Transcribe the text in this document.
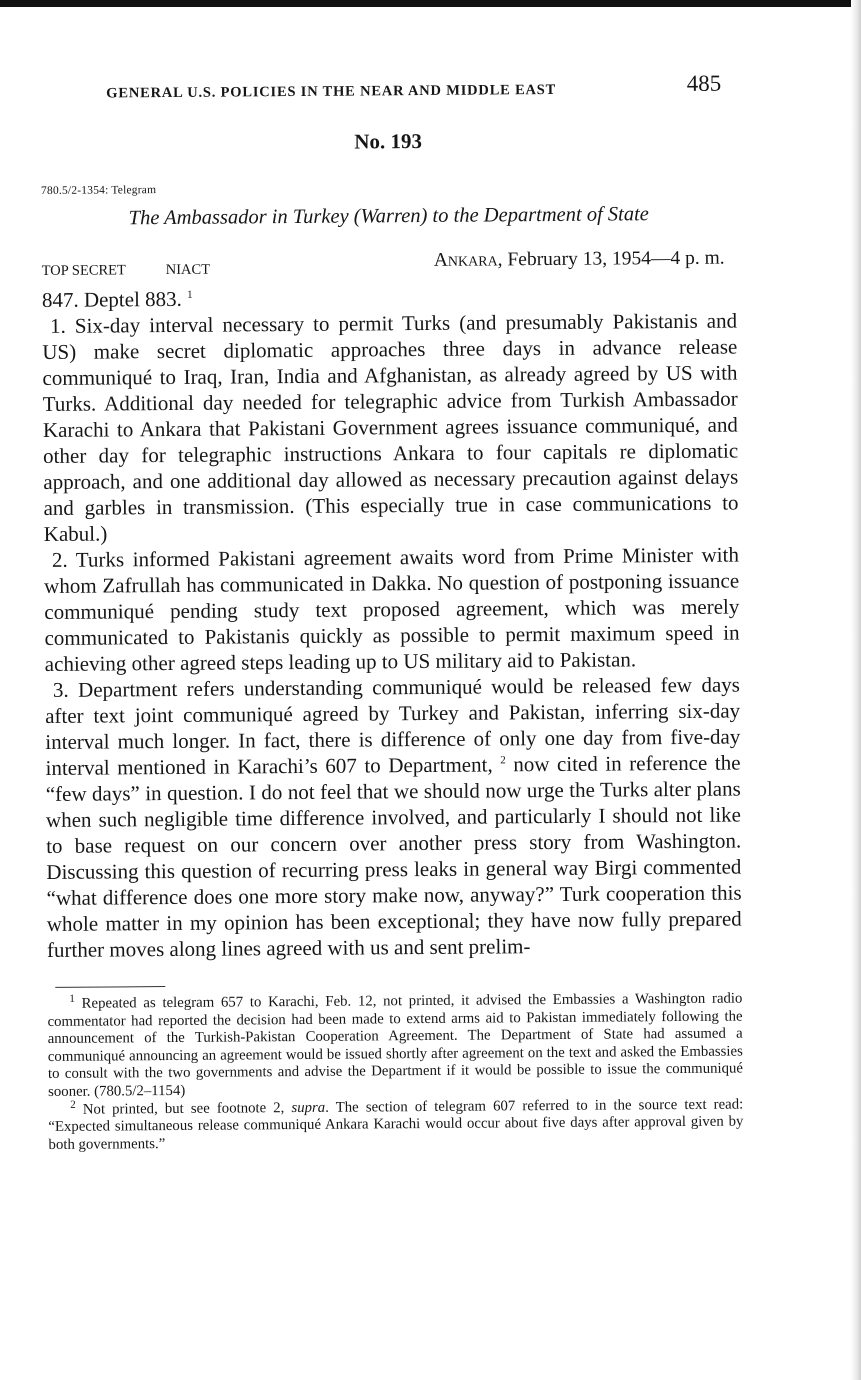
GENERAL U.S. POLICIES IN THE NEAR AND MIDDLE EAST	485
No. 193
780.5/2-1354: Telegram
The Ambassador in Turkey (Warren) to the Department of State
TOP SECRET	NIACT	Ankara, February 13, 1954—4 p. m.

847. Deptel 883. $^1$

1. Six-day interval necessary to permit Turks (and presumably Pakistanis and US) make secret diplomatic approaches three days in advance release communiqué to Iraq, Iran, India and Afghanistan, as already agreed by US with Turks. Additional day needed for telegraphic advice from Turkish Ambassador Karachi to Ankara that Pakistani Government agrees issuance communiqué, and other day for telegraphic instructions Ankara to four capitals re diplomatic approach, and one additional day allowed as necessary precaution against delays and garbles in transmission. (This especially true in case communications to Kabul.)

2. Turks informed Pakistani agreement awaits word from Prime Minister with whom Zafrullah has communicated in Dakka. No question of postponing issuance communiqué pending study text proposed agreement, which was merely communicated to Pakistanis quickly as possible to permit maximum speed in achieving other agreed steps leading up to US military aid to Pakistan.

3. Department refers understanding communiqué would be released few days after text joint communiqué agreed by Turkey and Pakistan, inferring six-day interval much longer. In fact, there is difference of only one day from five-day interval mentioned in Karachi’s 607 to Department, $^2$ now cited in reference the “few days” in question. I do not feel that we should now urge the Turks alter plans when such negligible time difference involved, and particularly I should not like to base request on our concern over another press story from Washington. Discussing this question of recurring press leaks in general way Birgi commented “what difference does one more story make now, anyway?” Turk cooperation this whole matter in my opinion has been exceptional; they have now fully prepared further moves along lines agreed with us and sent prelim-

$^1$ Repeated as telegram 657 to Karachi, Feb. 12, not printed, it advised the Embassies a Washington radio commentator had reported the decision had been made to extend arms aid to Pakistan immediately following the announcement of the Turkish-Pakistan Cooperation Agreement. The Department of State had assumed a communiqué announcing an agreement would be issued shortly after agreement on the text and asked the Embassies to consult with the two governments and advise the Department if it would be possible to issue the communiqué sooner. (780.5/2–1154)

$^2$ Not printed, but see footnote 2, supra. The section of telegram 607 referred to in the source text read: “Expected simultaneous release communiqué Ankara Karachi would occur about five days after approval given by both governments.”
